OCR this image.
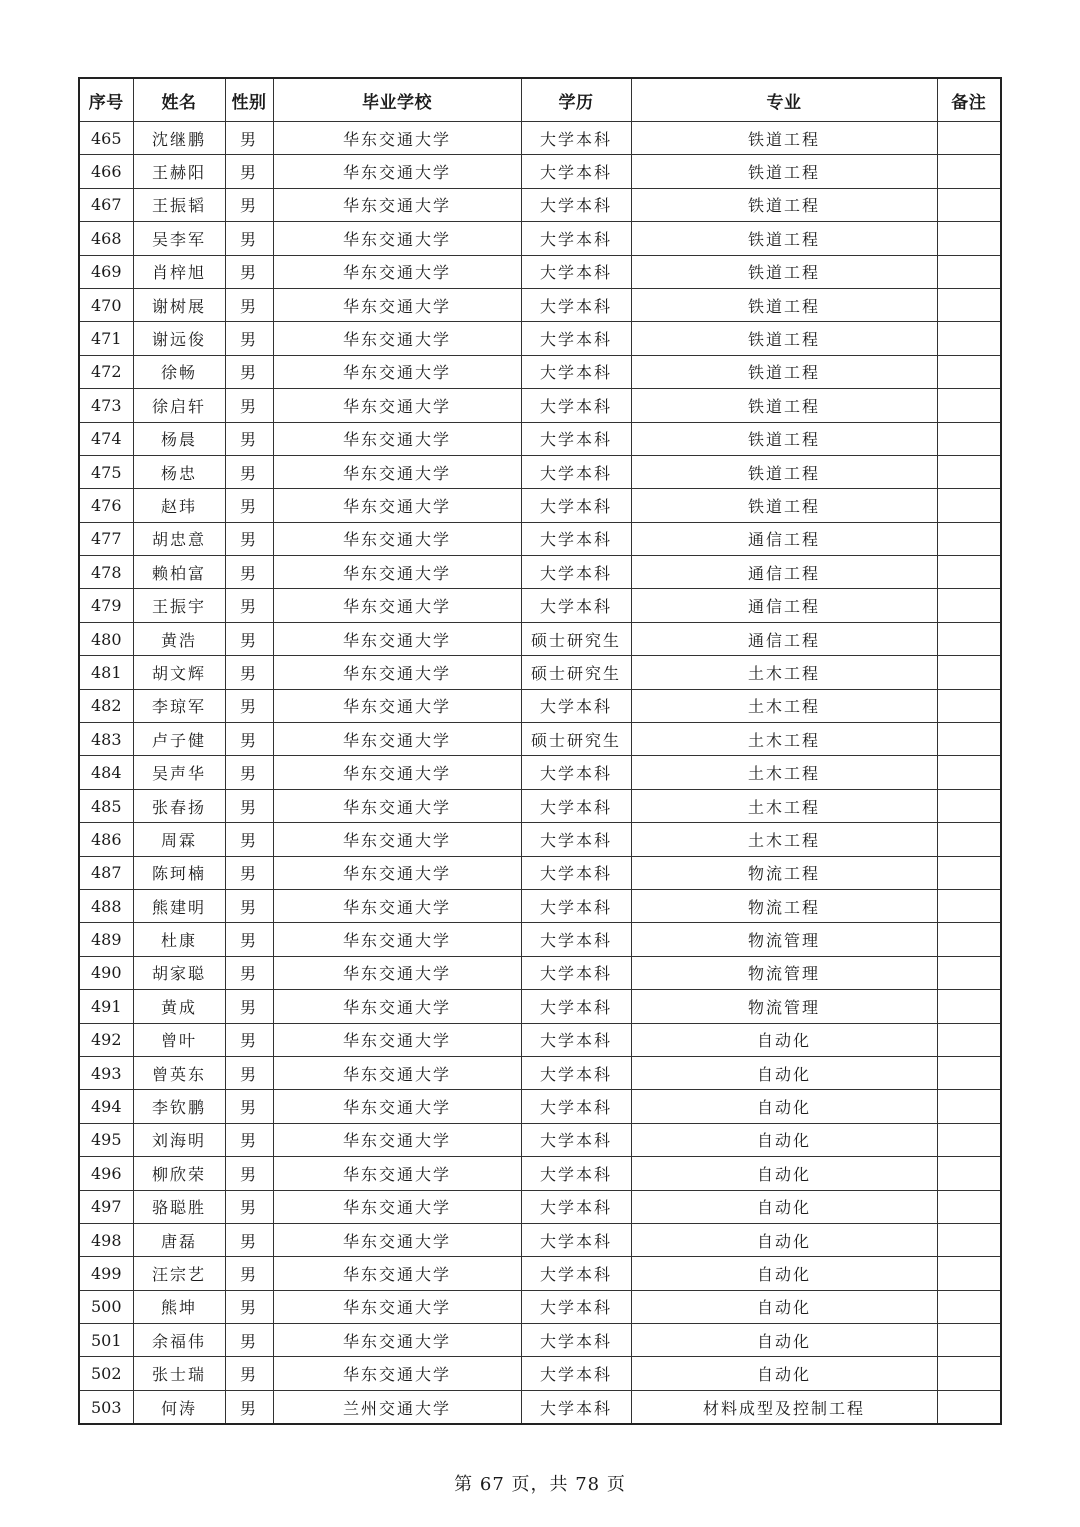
序号	姓名	性别	毕业学校	学历	专业	备注
465	沈继鹏	男	华东交通大学	大学本科	铁道工程	
466	王赫阳	男	华东交通大学	大学本科	铁道工程	
467	王振韬	男	华东交通大学	大学本科	铁道工程	
468	吴李军	男	华东交通大学	大学本科	铁道工程	
469	肖梓旭	男	华东交通大学	大学本科	铁道工程	
470	谢树展	男	华东交通大学	大学本科	铁道工程	
471	谢远俊	男	华东交通大学	大学本科	铁道工程	
472	徐畅	男	华东交通大学	大学本科	铁道工程	
473	徐启轩	男	华东交通大学	大学本科	铁道工程	
474	杨晨	男	华东交通大学	大学本科	铁道工程	
475	杨忠	男	华东交通大学	大学本科	铁道工程	
476	赵玮	男	华东交通大学	大学本科	铁道工程	
477	胡忠意	男	华东交通大学	大学本科	通信工程	
478	赖柏富	男	华东交通大学	大学本科	通信工程	
479	王振宇	男	华东交通大学	大学本科	通信工程	
480	黄浩	男	华东交通大学	硕士研究生	通信工程	
481	胡文辉	男	华东交通大学	硕士研究生	土木工程	
482	李琼军	男	华东交通大学	大学本科	土木工程	
483	卢子健	男	华东交通大学	硕士研究生	土木工程	
484	吴声华	男	华东交通大学	大学本科	土木工程	
485	张春扬	男	华东交通大学	大学本科	土木工程	
486	周霖	男	华东交通大学	大学本科	土木工程	
487	陈珂楠	男	华东交通大学	大学本科	物流工程	
488	熊建明	男	华东交通大学	大学本科	物流工程	
489	杜康	男	华东交通大学	大学本科	物流管理	
490	胡家聪	男	华东交通大学	大学本科	物流管理	
491	黄成	男	华东交通大学	大学本科	物流管理	
492	曾叶	男	华东交通大学	大学本科	自动化	
493	曾英东	男	华东交通大学	大学本科	自动化	
494	李钦鹏	男	华东交通大学	大学本科	自动化	
495	刘海明	男	华东交通大学	大学本科	自动化	
496	柳欣荣	男	华东交通大学	大学本科	自动化	
497	骆聪胜	男	华东交通大学	大学本科	自动化	
498	唐磊	男	华东交通大学	大学本科	自动化	
499	汪宗艺	男	华东交通大学	大学本科	自动化	
500	熊坤	男	华东交通大学	大学本科	自动化	
501	余福伟	男	华东交通大学	大学本科	自动化	
502	张士瑞	男	华东交通大学	大学本科	自动化	
503	何涛	男	兰州交通大学	大学本科	材料成型及控制工程	
第 67 页，共 78 页
